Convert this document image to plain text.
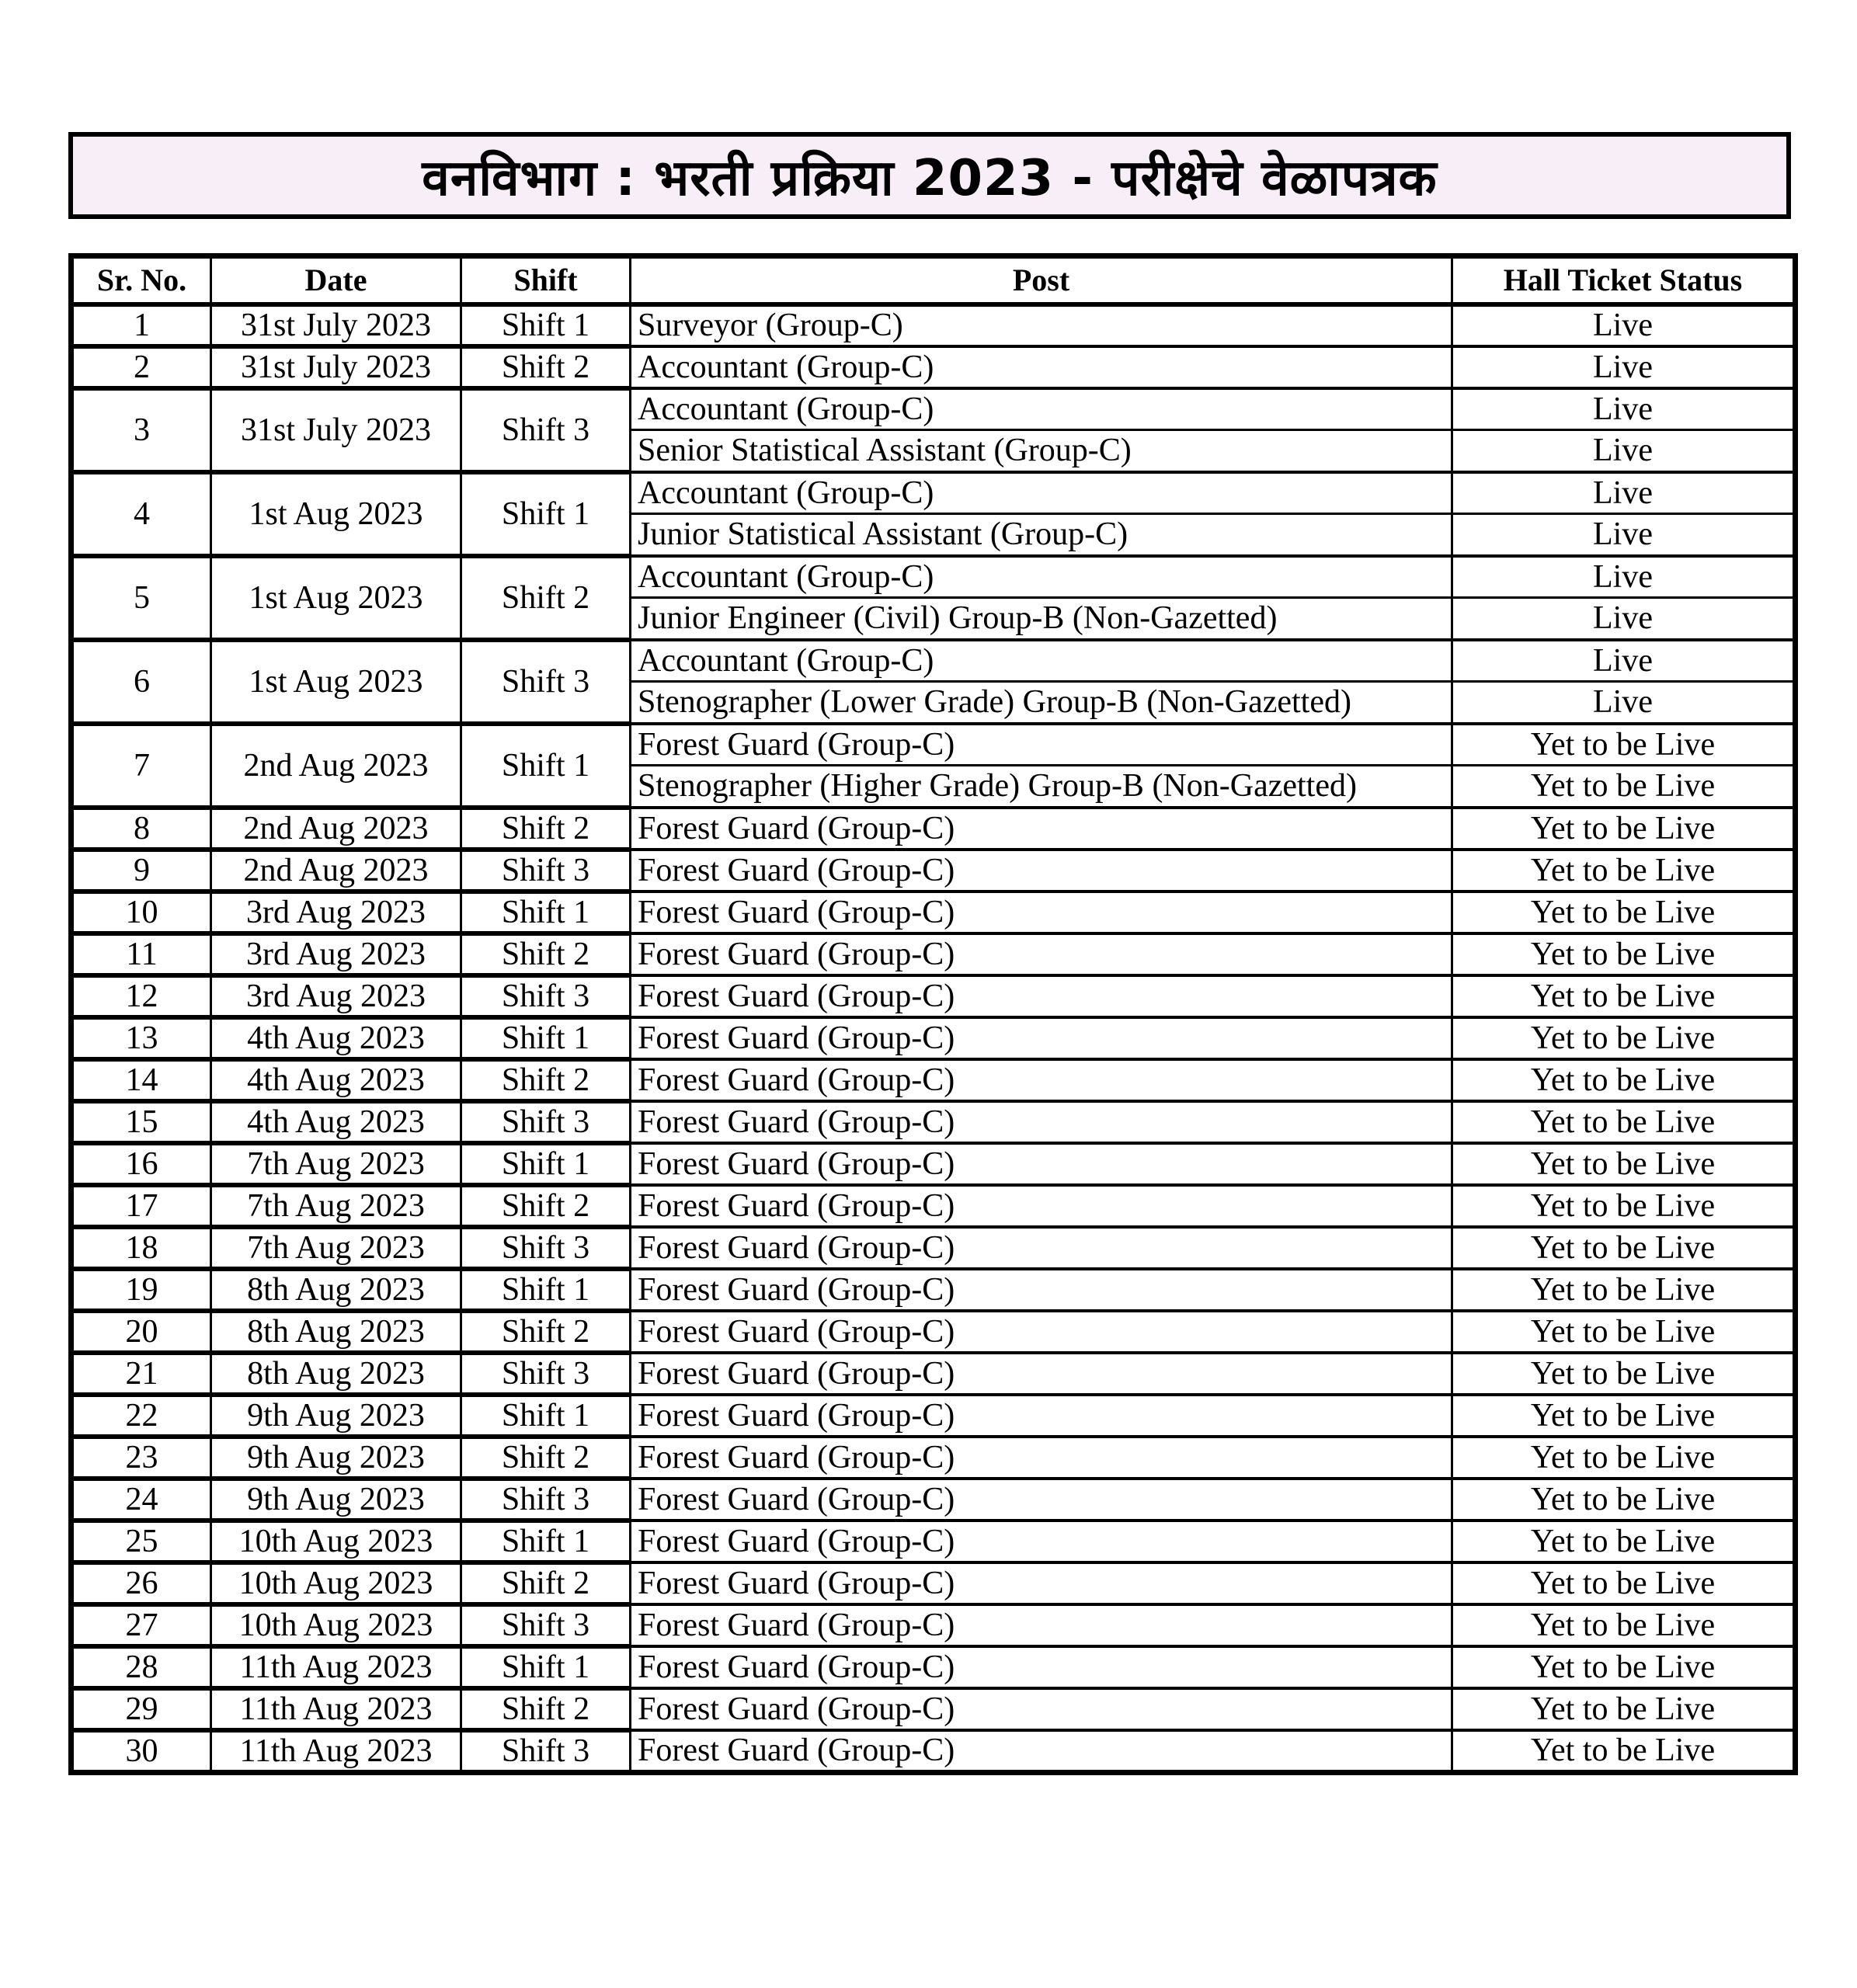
वनविभाग : भरती प्रक्रिया 2023 - परीक्षेचे वेळापत्रक
Sr. No.	Date	Shift	Post	Hall Ticket Status
1	31st July 2023	Shift 1	Surveyor (Group-C)	Live
2	31st July 2023	Shift 2	Accountant (Group-C)	Live
3	31st July 2023	Shift 3	Accountant (Group-C)	Live
			Senior Statistical Assistant (Group-C)	Live
4	1st Aug 2023	Shift 1	Accountant (Group-C)	Live
			Junior Statistical Assistant (Group-C)	Live
5	1st Aug 2023	Shift 2	Accountant (Group-C)	Live
			Junior Engineer (Civil) Group-B (Non-Gazetted)	Live
6	1st Aug 2023	Shift 3	Accountant (Group-C)	Live
			Stenographer (Lower Grade) Group-B (Non-Gazetted)	Live
7	2nd Aug 2023	Shift 1	Forest Guard (Group-C)	Yet to be Live
			Stenographer (Higher Grade) Group-B (Non-Gazetted)	Yet to be Live
8	2nd Aug 2023	Shift 2	Forest Guard (Group-C)	Yet to be Live
9	2nd Aug 2023	Shift 3	Forest Guard (Group-C)	Yet to be Live
10	3rd Aug 2023	Shift 1	Forest Guard (Group-C)	Yet to be Live
11	3rd Aug 2023	Shift 2	Forest Guard (Group-C)	Yet to be Live
12	3rd Aug 2023	Shift 3	Forest Guard (Group-C)	Yet to be Live
13	4th Aug 2023	Shift 1	Forest Guard (Group-C)	Yet to be Live
14	4th Aug 2023	Shift 2	Forest Guard (Group-C)	Yet to be Live
15	4th Aug 2023	Shift 3	Forest Guard (Group-C)	Yet to be Live
16	7th Aug 2023	Shift 1	Forest Guard (Group-C)	Yet to be Live
17	7th Aug 2023	Shift 2	Forest Guard (Group-C)	Yet to be Live
18	7th Aug 2023	Shift 3	Forest Guard (Group-C)	Yet to be Live
19	8th Aug 2023	Shift 1	Forest Guard (Group-C)	Yet to be Live
20	8th Aug 2023	Shift 2	Forest Guard (Group-C)	Yet to be Live
21	8th Aug 2023	Shift 3	Forest Guard (Group-C)	Yet to be Live
22	9th Aug 2023	Shift 1	Forest Guard (Group-C)	Yet to be Live
23	9th Aug 2023	Shift 2	Forest Guard (Group-C)	Yet to be Live
24	9th Aug 2023	Shift 3	Forest Guard (Group-C)	Yet to be Live
25	10th Aug 2023	Shift 1	Forest Guard (Group-C)	Yet to be Live
26	10th Aug 2023	Shift 2	Forest Guard (Group-C)	Yet to be Live
27	10th Aug 2023	Shift 3	Forest Guard (Group-C)	Yet to be Live
28	11th Aug 2023	Shift 1	Forest Guard (Group-C)	Yet to be Live
29	11th Aug 2023	Shift 2	Forest Guard (Group-C)	Yet to be Live
30	11th Aug 2023	Shift 3	Forest Guard (Group-C)	Yet to be Live
